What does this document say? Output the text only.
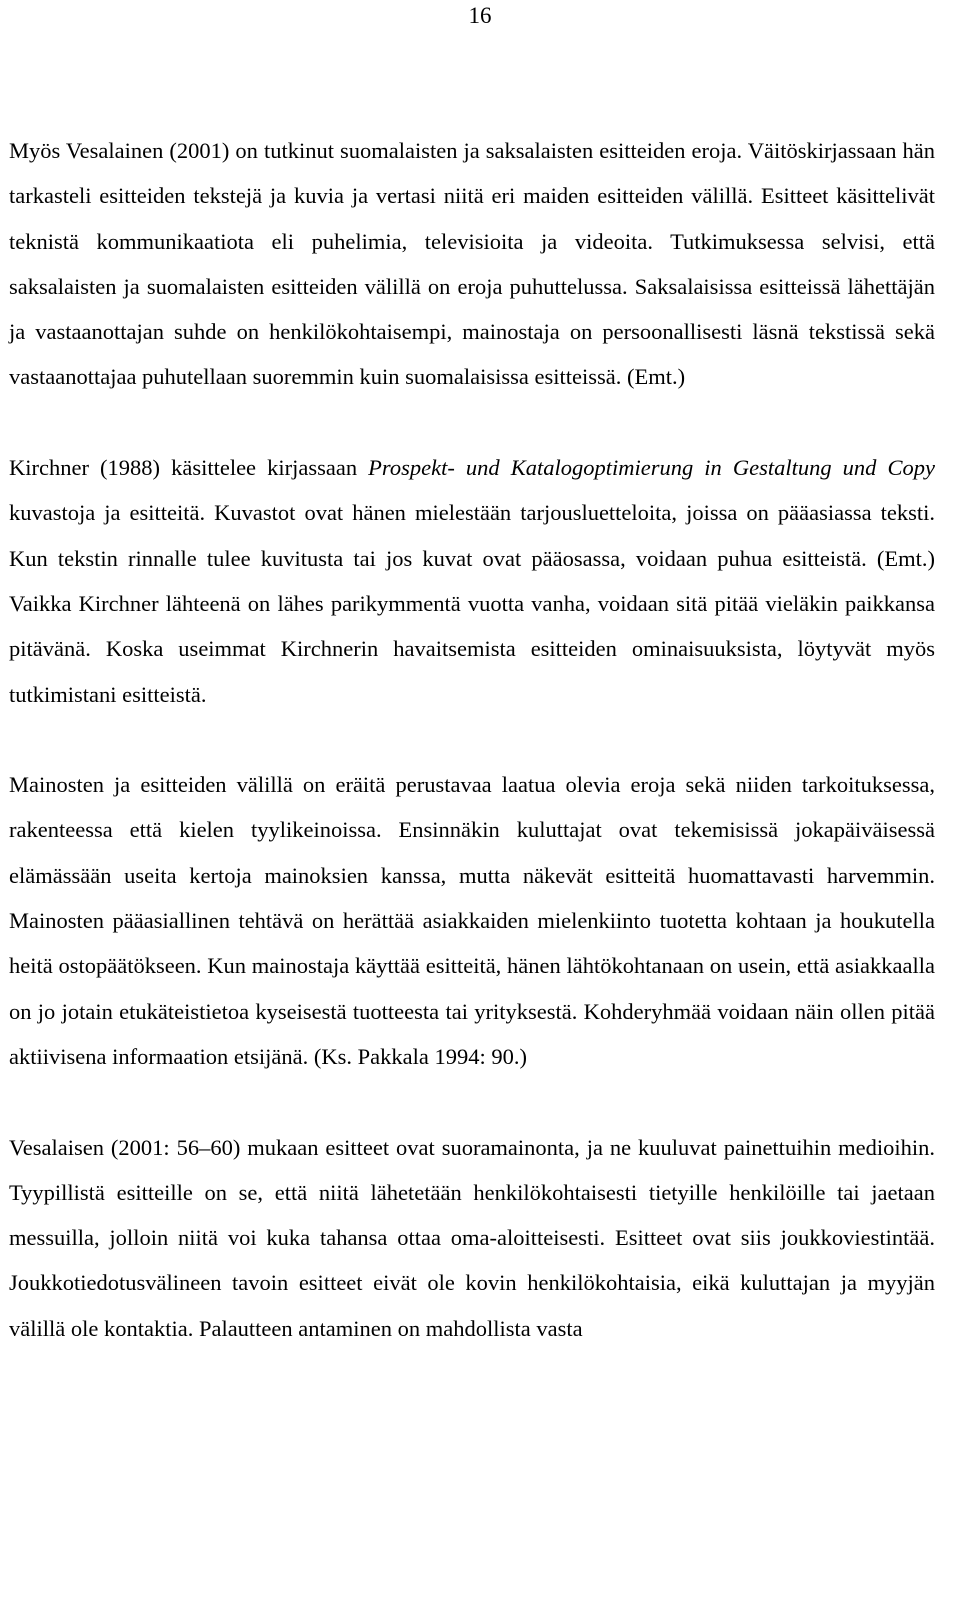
16

Myös Vesalainen (2001) on tutkinut suomalaisten ja saksalaisten esitteiden eroja. Väitöskirjassaan hän tarkasteli esitteiden tekstejä ja kuvia ja vertasi niitä eri maiden esitteiden välillä. Esitteet käsittelivät teknistä kommunikaatiota eli puhelimia, televisioita ja videoita. Tutkimuksessa selvisi, että saksalaisten ja suomalaisten esitteiden välillä on eroja puhuttelussa. Saksalaisissa esitteissä lähettäjän ja vastaanottajan suhde on henkilökohtaisempi, mainostaja on persoonallisesti läsnä tekstissä sekä vastaanottajaa puhutellaan suoremmin kuin suomalaisissa esitteissä. (Emt.)

Kirchner (1988) käsittelee kirjassaan Prospekt- und Katalogoptimierung in Gestaltung und Copy kuvastoja ja esitteitä. Kuvastot ovat hänen mielestään tarjousluetteloita, joissa on pääasiassa teksti. Kun tekstin rinnalle tulee kuvitusta tai jos kuvat ovat pääosassa, voidaan puhua esitteistä. (Emt.) Vaikka Kirchner lähteenä on lähes parikymmentä vuotta vanha, voidaan sitä pitää vieläkin paikkansa pitävänä. Koska useimmat Kirchnerin havaitsemista esitteiden ominaisuuksista, löytyvät myös tutkimistani esitteistä.

Mainosten ja esitteiden välillä on eräitä perustavaa laatua olevia eroja sekä niiden tarkoituksessa, rakenteessa että kielen tyylikeinoissa. Ensinnäkin kuluttajat ovat tekemisissä jokapäiväisessä elämässään useita kertoja mainoksien kanssa, mutta näkevät esitteitä huomattavasti harvemmin. Mainosten pääasiallinen tehtävä on herättää asiakkaiden mielenkiinto tuotetta kohtaan ja houkutella heitä ostopäätökseen. Kun mainostaja käyttää esitteitä, hänen lähtökohtanaan on usein, että asiakkaalla on jo jotain etukäteistietoa kyseisestä tuotteesta tai yrityksestä. Kohderyhmää voidaan näin ollen pitää aktiivisena informaation etsijänä. (Ks. Pakkala 1994: 90.)

Vesalaisen (2001: 56–60) mukaan esitteet ovat suoramainonta, ja ne kuuluvat painettuihin medioihin. Tyypillistä esitteille on se, että niitä lähetetään henkilökohtaisesti tietyille henkilöille tai jaetaan messuilla, jolloin niitä voi kuka tahansa ottaa oma-aloitteisesti. Esitteet ovat siis joukkoviestintää. Joukkotiedotusvälineen tavoin esitteet eivät ole kovin henkilökohtaisia, eikä kuluttajan ja myyjän välillä ole kontaktia. Palautteen antaminen on mahdollista vasta
